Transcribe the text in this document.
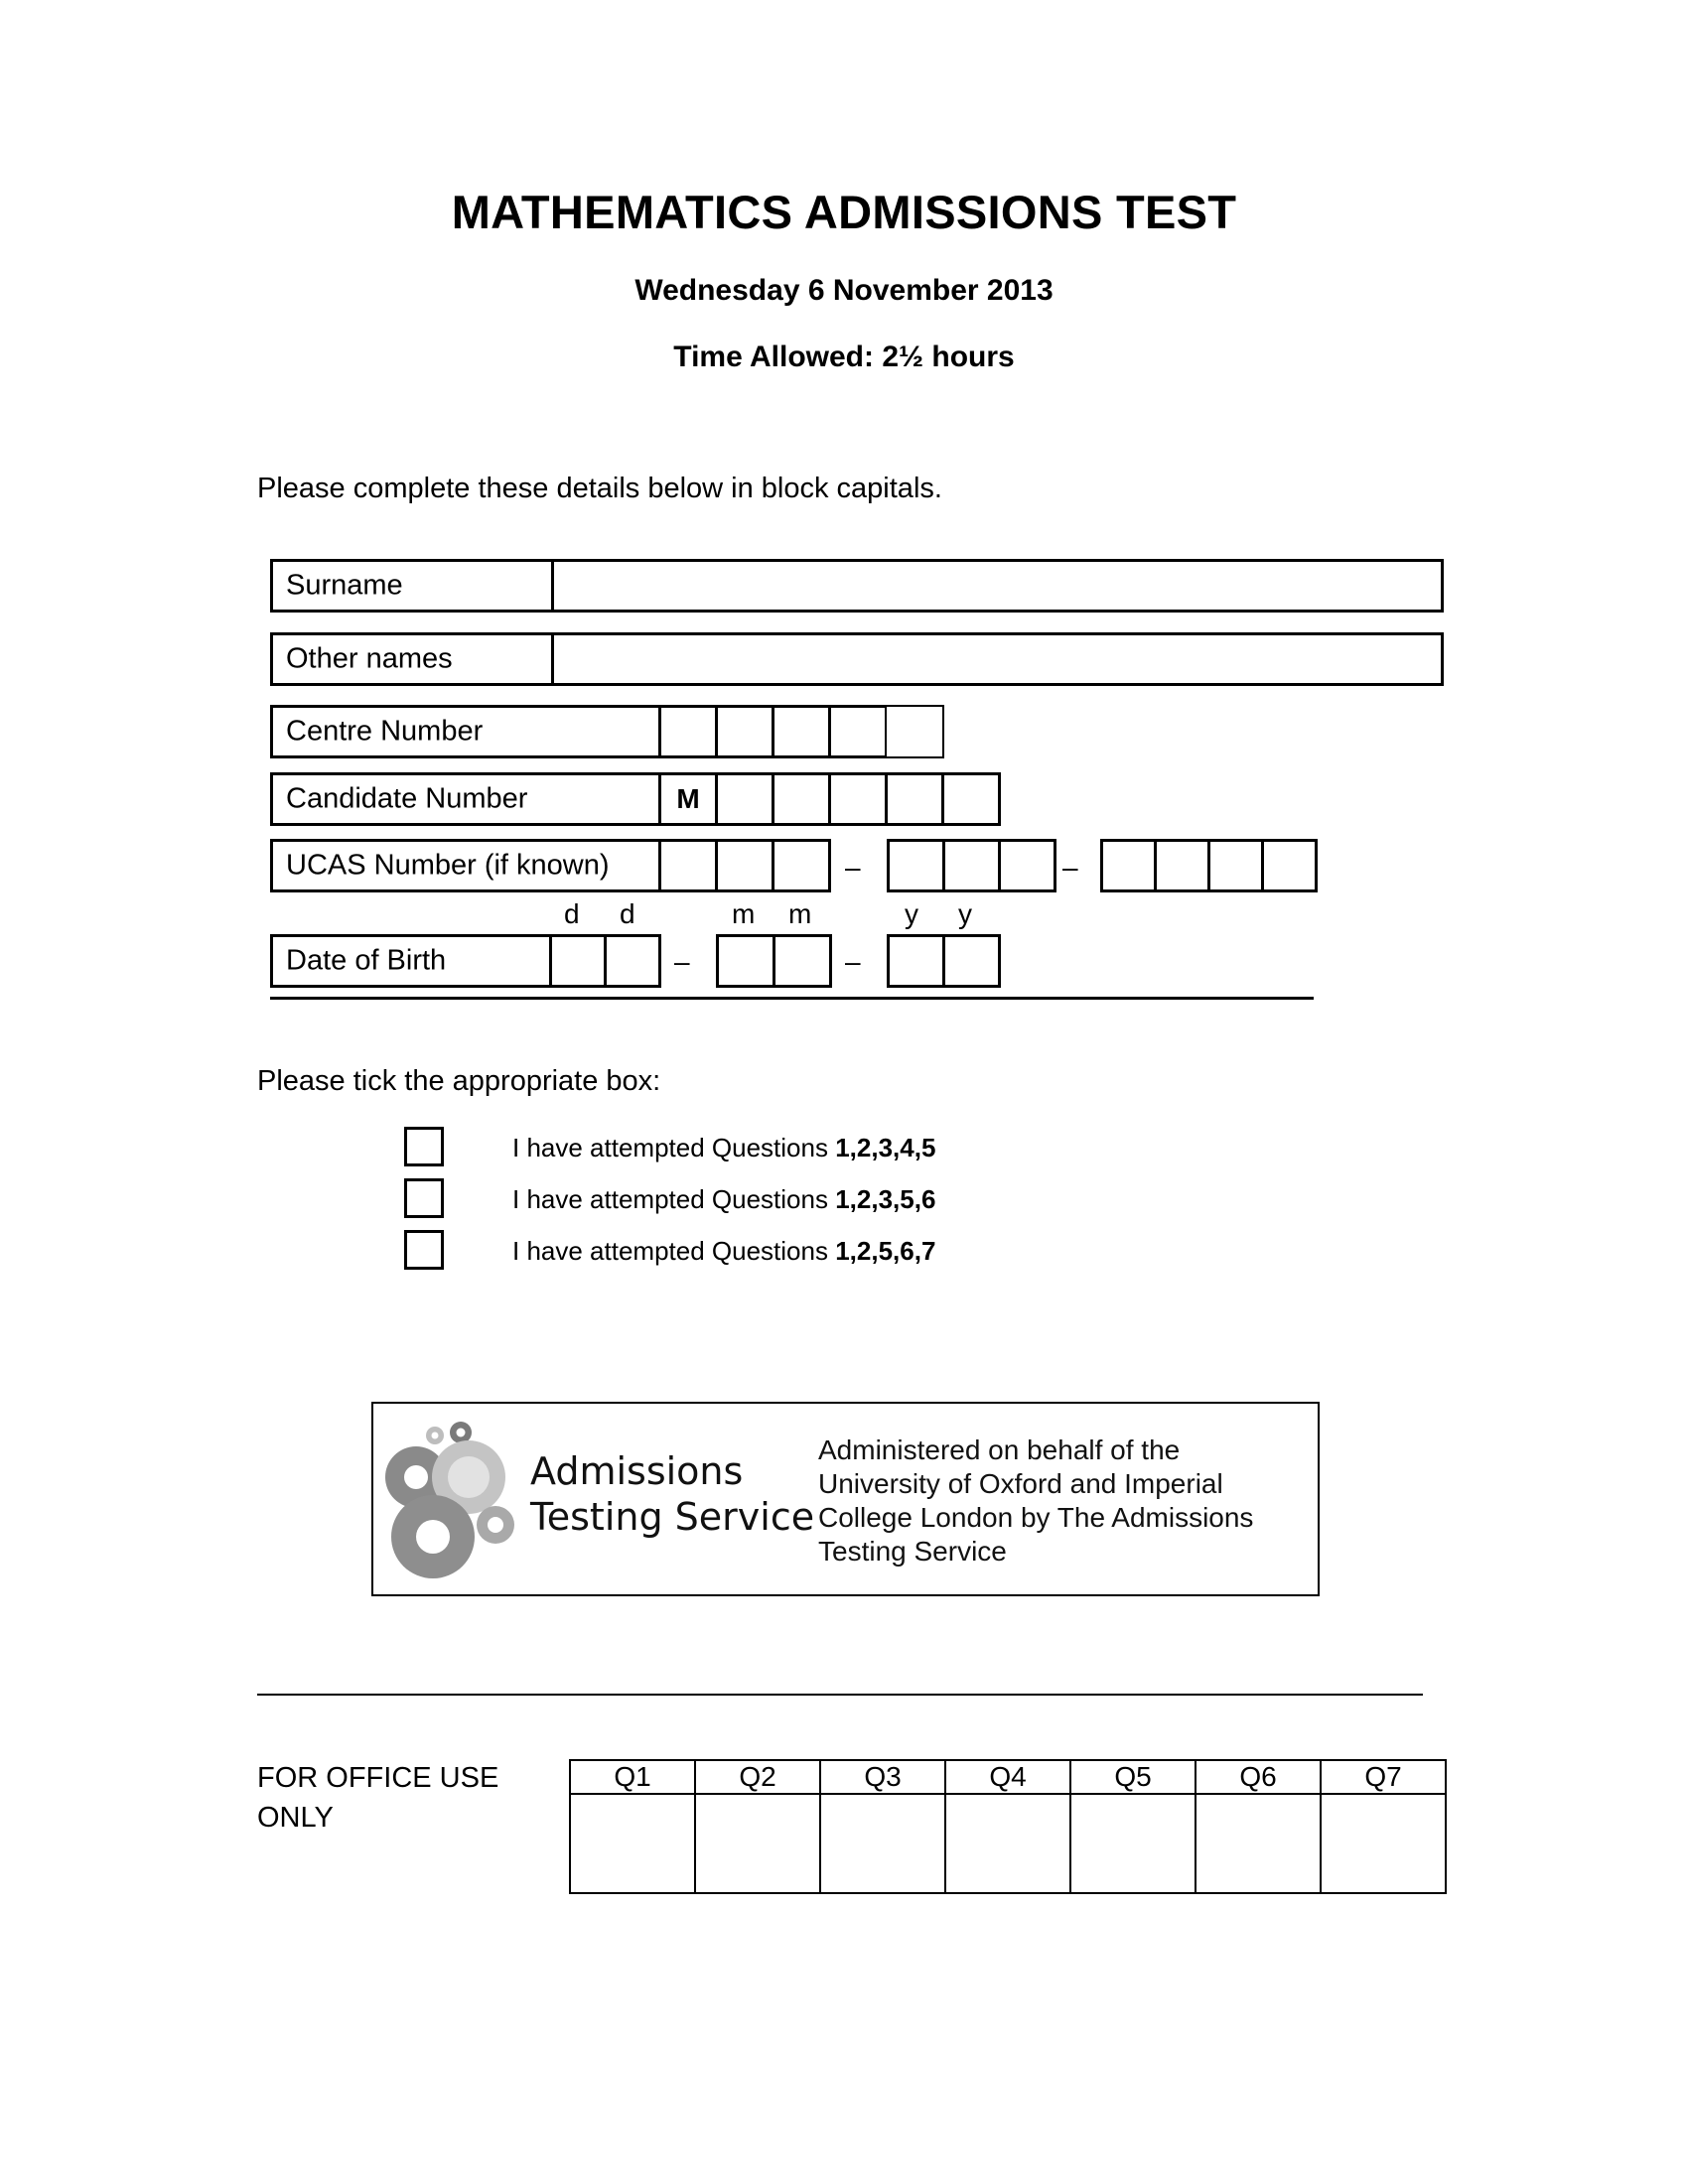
MATHEMATICS ADMISSIONS TEST
Wednesday 6 November 2013
Time Allowed: 2½ hours
Please complete these details below in block capitals.
Surname
Other names
Centre Number
Candidate Number	M
UCAS Number (if known)	–	–
d d	m m	y y
Date of Birth	–	–
Please tick the appropriate box:
I have attempted Questions 1,2,3,4,5
I have attempted Questions 1,2,3,5,6
I have attempted Questions 1,2,5,6,7
Admissions
Testing Service
Administered on behalf of the
University of Oxford and Imperial
College London by The Admissions
Testing Service
FOR OFFICE USE
ONLY
Q1	Q2	Q3	Q4	Q5	Q6	Q7
